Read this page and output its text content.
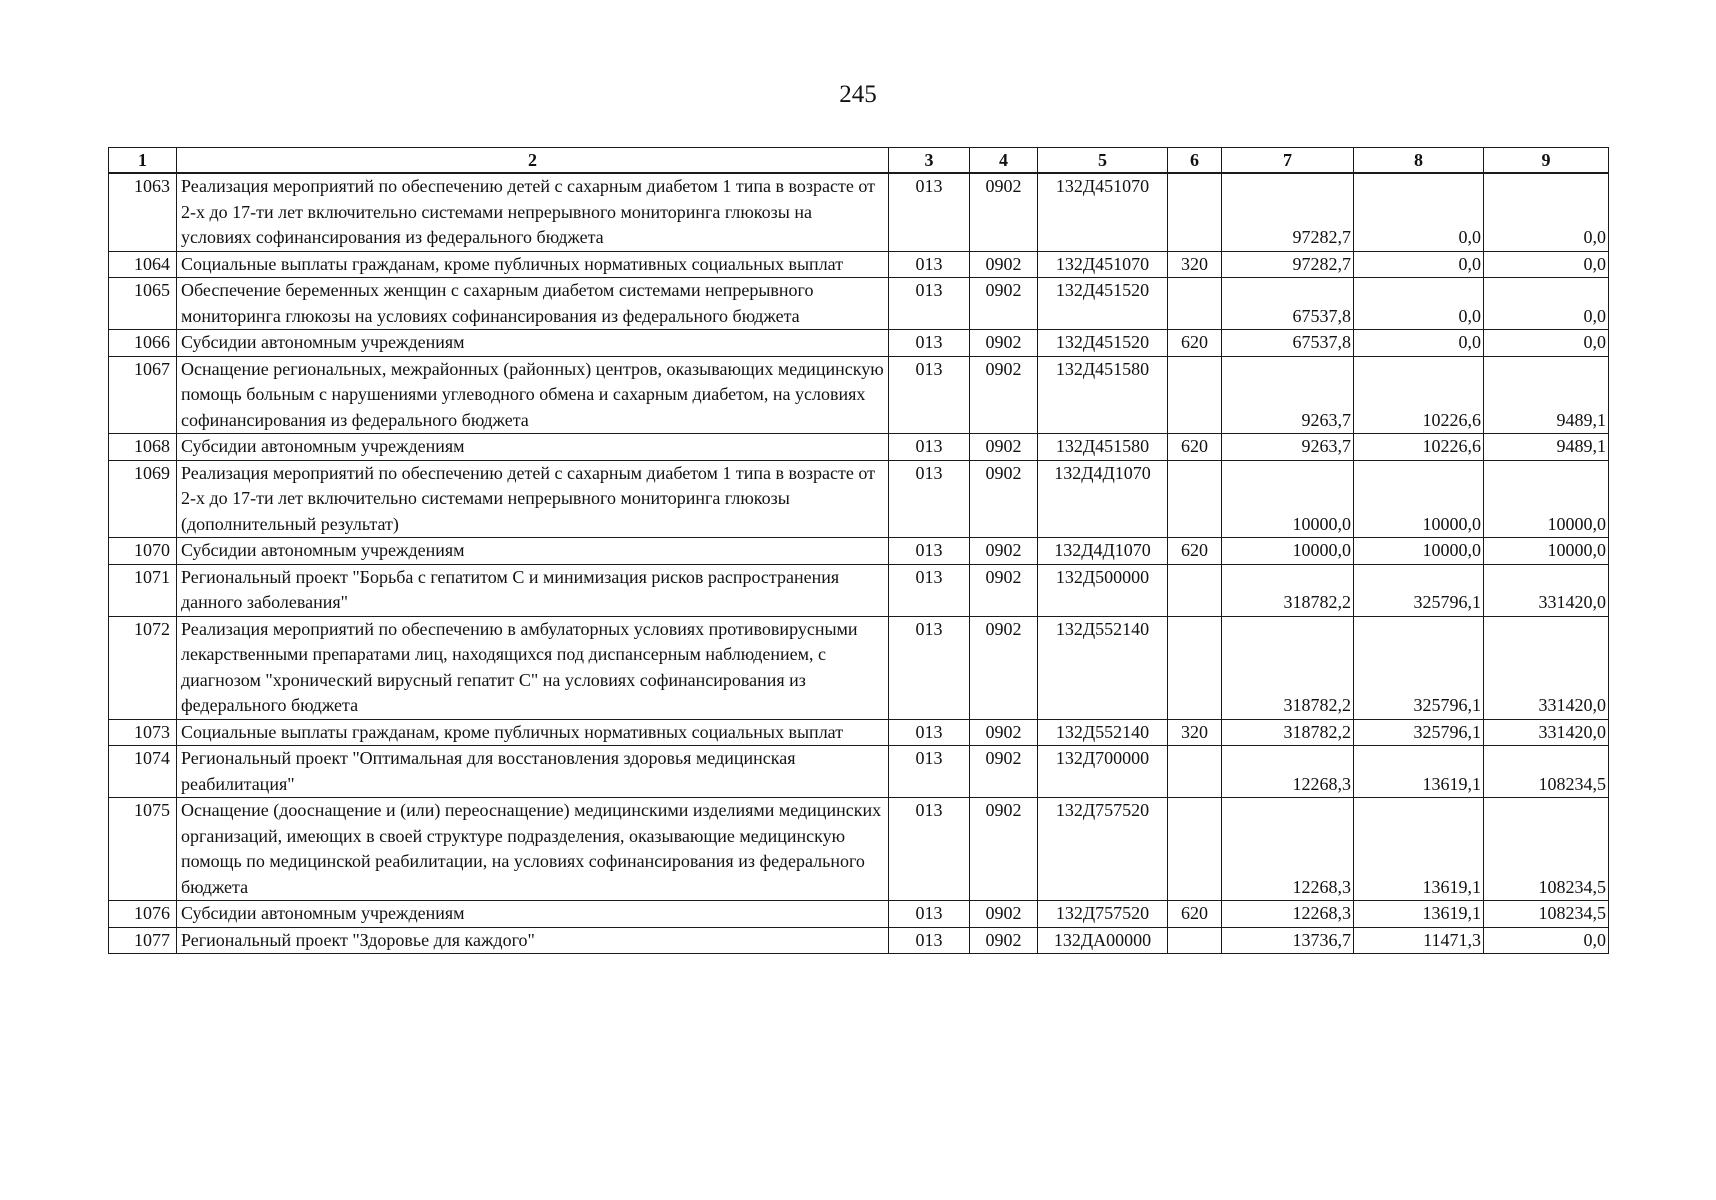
245
1	2	3	4	5	6	7	8	9
1063	Реализация мероприятий по обеспечению детей с сахарным диабетом 1 типа в возрасте от 2-х до 17-ти лет включительно системами непрерывного мониторинга глюкозы на условиях софинансирования из федерального бюджета	013	0902	132Д451070		97282,7	0,0	0,0
1064	Социальные выплаты гражданам, кроме публичных нормативных социальных выплат	013	0902	132Д451070	320	97282,7	0,0	0,0
1065	Обеспечение беременных женщин с сахарным диабетом системами непрерывного мониторинга глюкозы на условиях софинансирования из федерального бюджета	013	0902	132Д451520		67537,8	0,0	0,0
1066	Субсидии автономным учреждениям	013	0902	132Д451520	620	67537,8	0,0	0,0
1067	Оснащение региональных, межрайонных (районных) центров, оказывающих медицинскую помощь больным с нарушениями углеводного обмена и сахарным диабетом, на условиях софинансирования из федерального бюджета	013	0902	132Д451580		9263,7	10226,6	9489,1
1068	Субсидии автономным учреждениям	013	0902	132Д451580	620	9263,7	10226,6	9489,1
1069	Реализация мероприятий по обеспечению детей с сахарным диабетом 1 типа в возрасте от 2-х до 17-ти лет включительно системами непрерывного мониторинга глюкозы (дополнительный результат)	013	0902	132Д4Д1070		10000,0	10000,0	10000,0
1070	Субсидии автономным учреждениям	013	0902	132Д4Д1070	620	10000,0	10000,0	10000,0
1071	Региональный проект "Борьба с гепатитом С и минимизация рисков распространения данного заболевания"	013	0902	132Д500000		318782,2	325796,1	331420,0
1072	Реализация мероприятий по обеспечению в амбулаторных условиях противовирусными лекарственными препаратами лиц, находящихся под диспансерным наблюдением, с диагнозом "хронический вирусный гепатит С" на условиях софинансирования из федерального бюджета	013	0902	132Д552140		318782,2	325796,1	331420,0
1073	Социальные выплаты гражданам, кроме публичных нормативных социальных выплат	013	0902	132Д552140	320	318782,2	325796,1	331420,0
1074	Региональный проект "Оптимальная для восстановления здоровья медицинская реабилитация"	013	0902	132Д700000		12268,3	13619,1	108234,5
1075	Оснащение (дооснащение и (или) переоснащение) медицинскими изделиями медицинских организаций, имеющих в своей структуре подразделения, оказывающие медицинскую помощь по медицинской реабилитации, на условиях софинансирования из федерального бюджета	013	0902	132Д757520		12268,3	13619,1	108234,5
1076	Субсидии автономным учреждениям	013	0902	132Д757520	620	12268,3	13619,1	108234,5
1077	Региональный проект "Здоровье для каждого"	013	0902	132ДА00000		13736,7	11471,3	0,0
